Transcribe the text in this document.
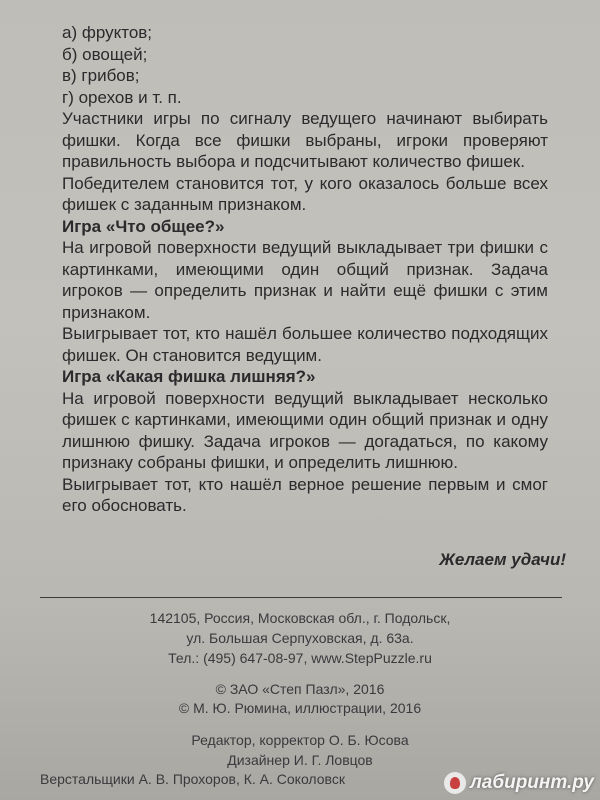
а) фруктов;

б) овощей;

в) грибов;

г) орехов и т. п.

Участники игры по сигналу ведущего начинают выбирать фишки. Когда все фишки выбраны, игроки проверяют правильность выбора и подсчитывают количество фишек.

Победителем становится тот, у кого оказалось больше всех фишек с заданным признаком.

Игра «Что общее?»

На игровой поверхности ведущий выкладывает три фишки с картинками, имеющими один общий признак. Задача игроков — определить признак и найти ещё фишки с этим признаком.

Выигрывает тот, кто нашёл большее количество подходящих фишек. Он становится ведущим.

Игра «Какая фишка лишняя?»

На игровой поверхности ведущий выкладывает несколько фишек с картинками, имеющими один общий признак и одну лишнюю фишку. Задача игроков — догадаться, по какому признаку собраны фишки, и определить лишнюю.

Выигрывает тот, кто нашёл верное решение первым и смог его обосновать.

Желаем удачи!
142105, Россия, Московская обл., г. Подольск,
ул. Большая Серпуховская, д. 63а.
Тел.: (495) 647-08-97, www.StepPuzzle.ru
© ЗАО «Степ Пазл», 2016
© М. Ю. Рюмина, иллюстрации, 2016
Редактор, корректор О. Б. Юсова
Дизайнер И. Г. Ловцов
Верстальщики А. В. Прохоров, К. А. Соколовск	лабиринт.ру
